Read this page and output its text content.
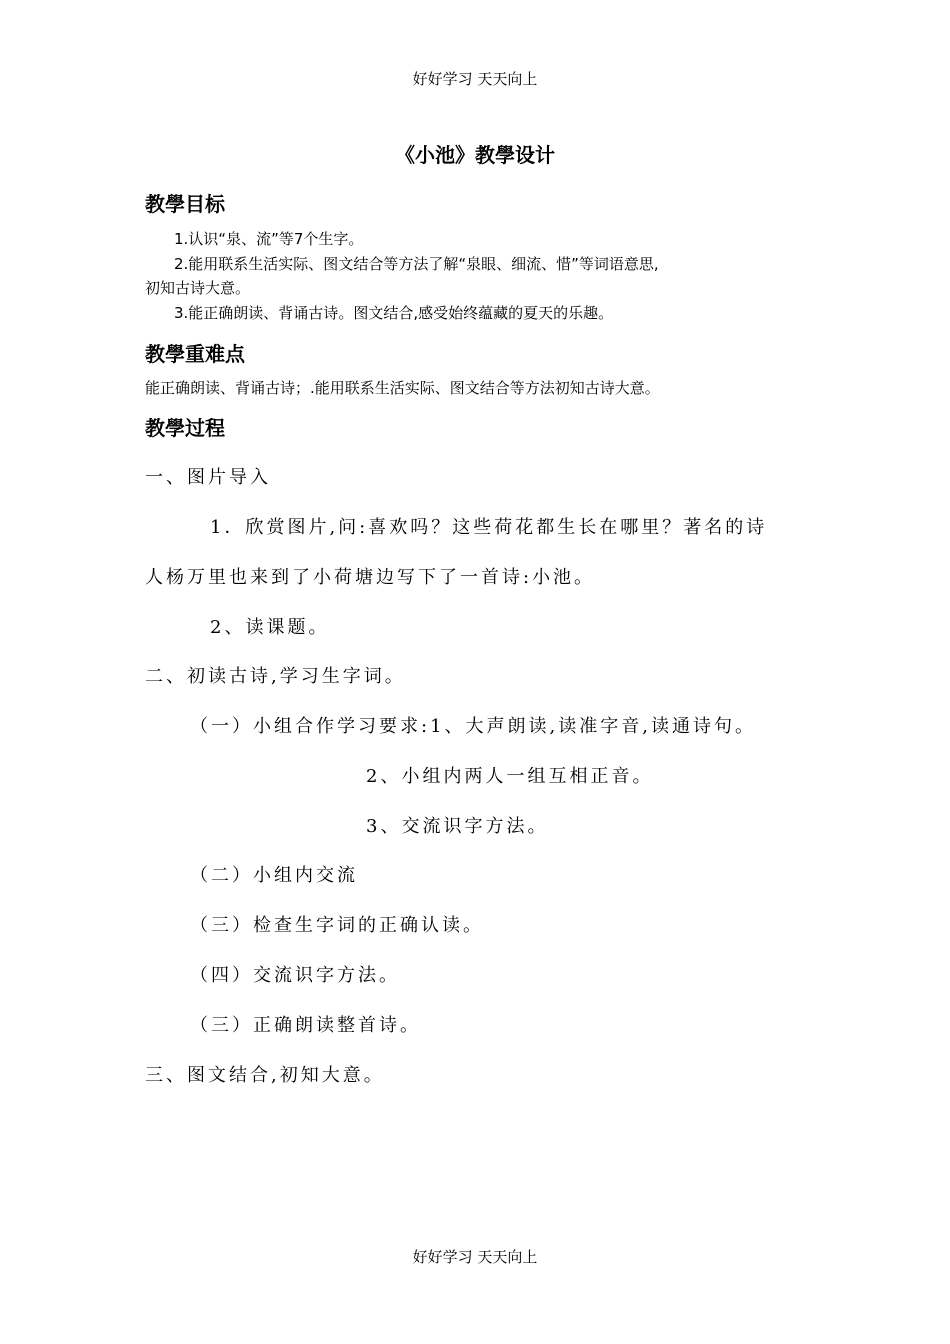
好好学习 天天向上
《小池》教學设计
教學目标
1.认识“泉、流”等7个生字。
2.能用联系生活实际、图文结合等方法了解“泉眼、细流、惜”等词语意思,
初知古诗大意。
3.能正确朗读、背诵古诗。图文结合,感受始终蕴藏的夏天的乐趣。
教學重难点
能正确朗读、背诵古诗；.能用联系生活实际、图文结合等方法初知古诗大意。
教學过程
一、图片导入
1．欣赏图片,问:喜欢吗？这些荷花都生长在哪里？著名的诗
人杨万里也来到了小荷塘边写下了一首诗:小池。
2、读课题。
二、初读古诗,学习生字词。
（一）小组合作学习要求:1、大声朗读,读准字音,读通诗句。
2、小组内两人一组互相正音。
3、交流识字方法。
（二）小组内交流
（三）检查生字词的正确认读。
（四）交流识字方法。
（三）正确朗读整首诗。
三、图文结合,初知大意。
好好学习 天天向上
